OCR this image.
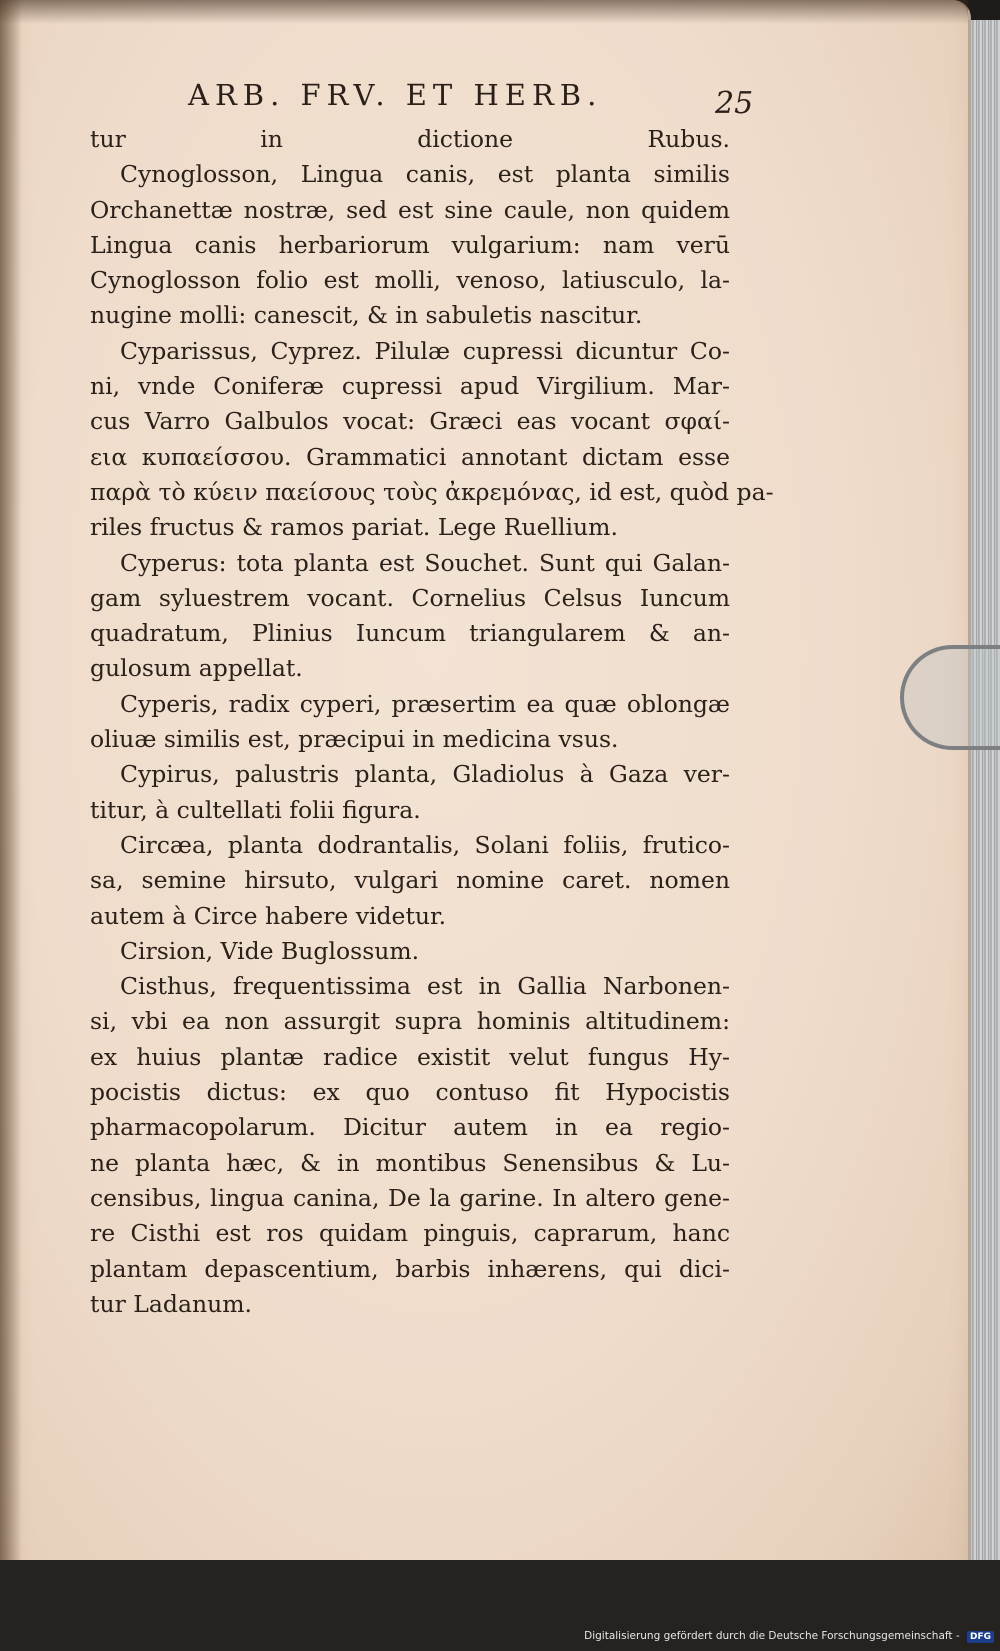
ARB. FRV. ET HERB.	25
tur in dictione Rubus.
Cynoglosson, Lingua canis, est planta similis
Orchanettæ nostræ, sed est sine caule, non quidem
Lingua canis herbariorum vulgarium: nam verū
Cynoglosson folio est molli, venoso, latiusculo, la-
nugine molli: canescit, & in sabuletis nascitur.
Cyparissus, Cyprez. Pilulæ cupressi dicuntur Co-
ni, vnde Coniferæ cupressi apud Virgilium. Mar-
cus Varro Galbulos vocat: Græci eas vocant σφαί-
εια κυπαείσσου. Grammatici annotant dictam esse
παρὰ τὸ κύειν παείσους τοὺς ἀκρεμόνας, id est, quòd pa-
riles fructus & ramos pariat. Lege Ruellium.
Cyperus: tota planta est Souchet. Sunt qui Galan-
gam syluestrem vocant. Cornelius Celsus Iuncum
quadratum, Plinius Iuncum triangularem & an-
gulosum appellat.
Cyperis, radix cyperi, præsertim ea quæ oblongæ
oliuæ similis est, præcipui in medicina vsus.
Cypirus, palustris planta, Gladiolus à Gaza ver-
titur, à cultellati folii figura.
Circæa, planta dodrantalis, Solani foliis, frutico-
sa, semine hirsuto, vulgari nomine caret. nomen
autem à Circe habere videtur.
Cirsion, Vide Buglossum.
Cisthus, frequentissima est in Gallia Narbonen-
si, vbi ea non assurgit supra hominis altitudinem:
ex huius plantæ radice existit velut fungus Hy-
pocistis dictus: ex quo contuso fit Hypocistis
pharmacopolarum. Dicitur autem in ea regio-
ne planta hæc, & in montibus Senensibus & Lu-
censibus, lingua canina, De la garine. In altero gene-
re Cisthi est ros quidam pinguis, caprarum, hanc
plantam depascentium, barbis inhærens, qui dici-
tur Ladanum.
Digitalisierung gefördert durch die Deutsche Forschungsgemeinschaft - DFG
